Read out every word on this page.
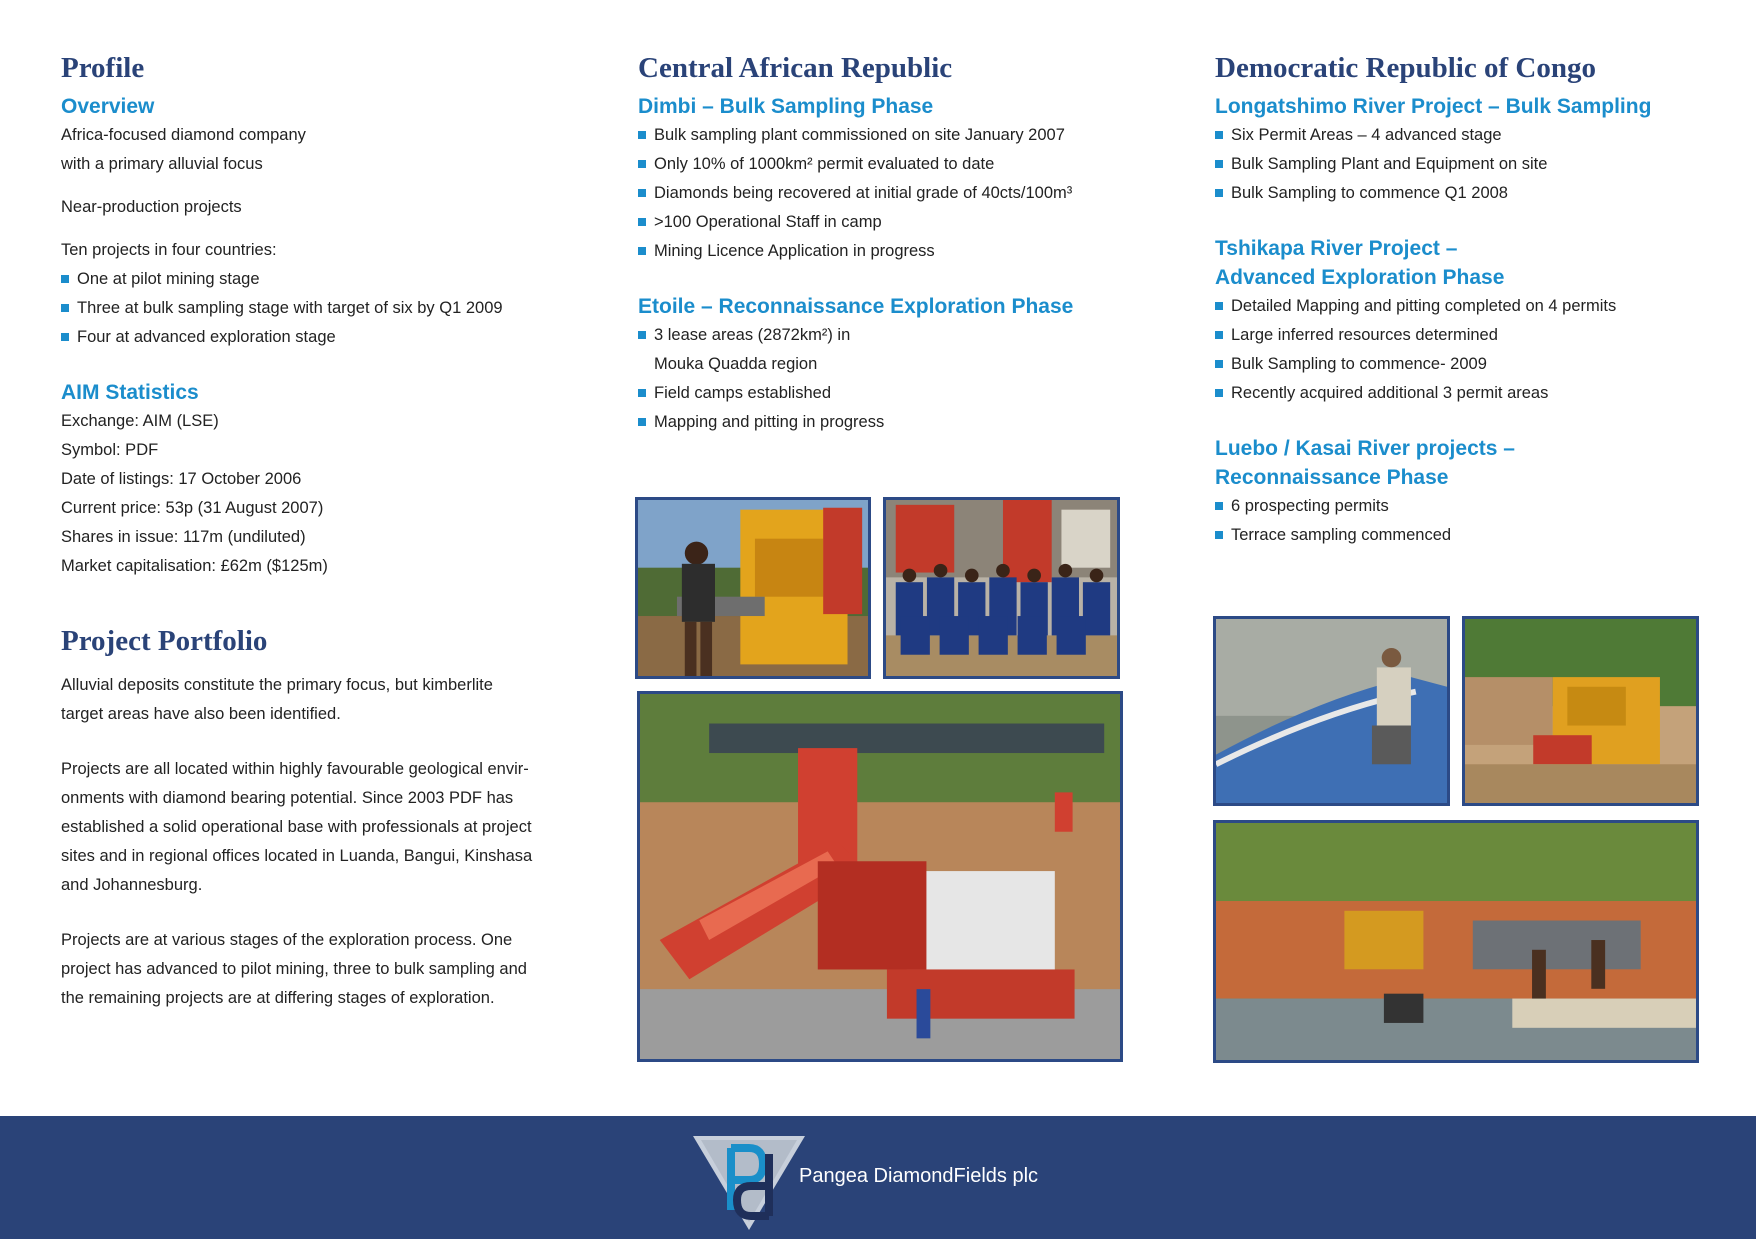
Profile
Overview

Africa-focused diamond company

with a primary alluvial focus

Near-production projects

Ten projects in four countries:

One at pilot mining stage
Three at bulk sampling stage with target of six by Q1 2009
Four at advanced exploration stage
AIM Statistics

Exchange: AIM (LSE)

Symbol: PDF

Date of listings: 17 October 2006

Current price: 53p (31 August 2007)

Shares in issue: 117m (undiluted)

Market capitalisation: £62m ($125m)

Project Portfolio

Alluvial deposits constitute the primary focus, but kimberlite

target areas have also been identified.

Projects are all located within highly favourable geological envir-

onments with diamond bearing potential. Since 2003 PDF has

established a solid operational base with professionals at project

sites and in regional offices located in Luanda, Bangui, Kinshasa

and Johannesburg.

Projects are at various stages of the exploration process. One

project has advanced to pilot mining, three to bulk sampling and

the remaining projects are at differing stages of exploration.

Central African Republic
Dimbi – Bulk Sampling Phase
Bulk sampling plant commissioned on site January 2007
Only 10% of 1000km² permit evaluated to date
Diamonds being recovered at initial grade of 40cts/100m³
>100 Operational Staff in camp
Mining Licence Application in progress
Etoile – Reconnaissance Exploration Phase
3 lease areas (2872km²) in
Mouka Quadda region
Field camps established
Mapping and pitting in progress
Democratic Republic of Congo
Longatshimo River Project – Bulk Sampling
Six Permit Areas – 4 advanced stage
Bulk Sampling Plant and Equipment on site
Bulk Sampling to commence Q1 2008
Tshikapa River Project –
Advanced Exploration Phase
Detailed Mapping and pitting completed on 4 permits
Large inferred resources determined
Bulk Sampling to commence- 2009
Recently acquired additional 3 permit areas
Luebo / Kasai River projects –
Reconnaissance Phase
6 prospecting permits
Terrace sampling commenced
Pangea DiamondFields plc
